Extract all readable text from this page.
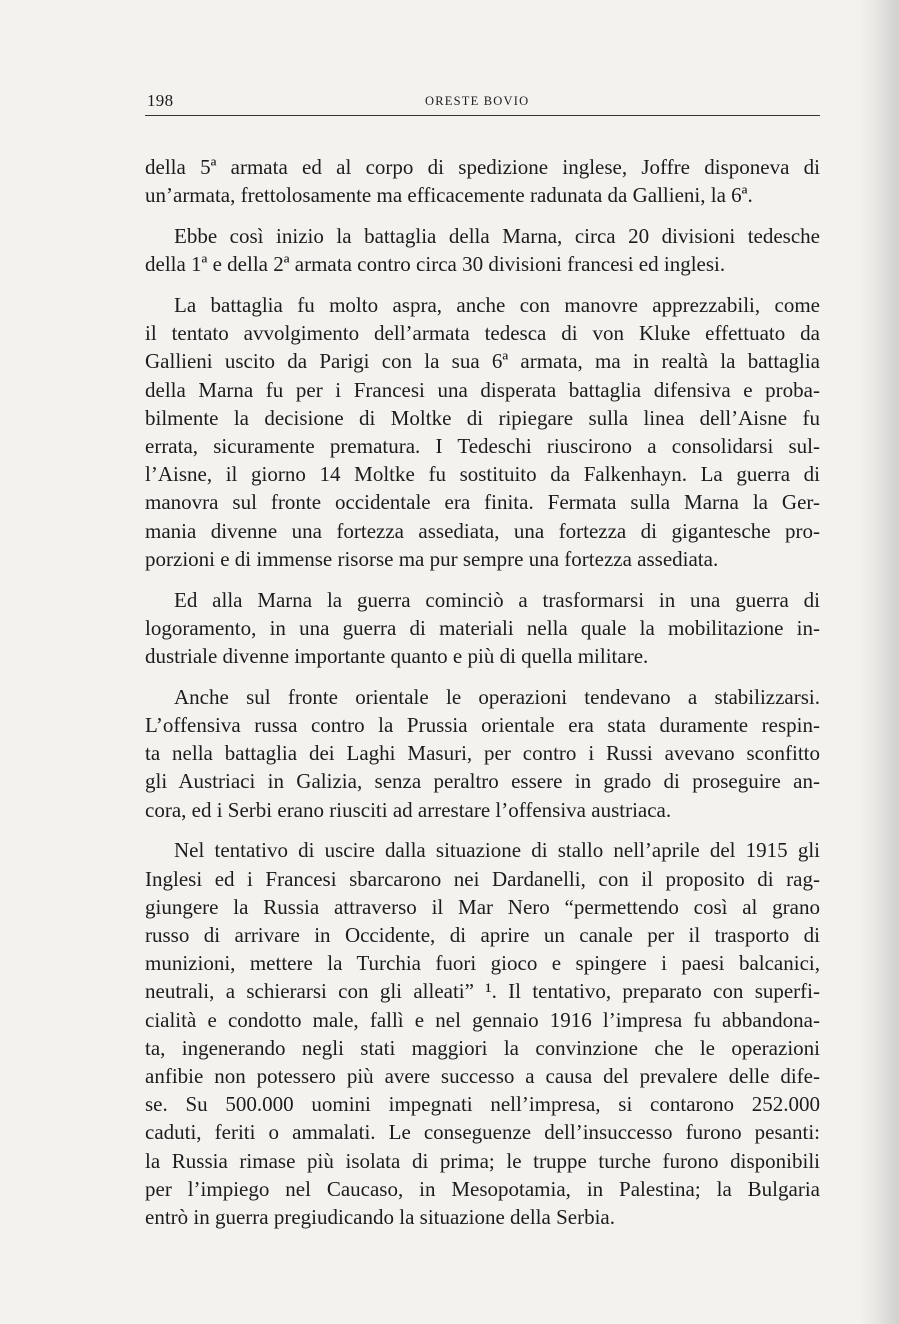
198	ORESTE BOVIO

della 5ª armata ed al corpo di spedizione inglese, Joffre disponeva di
un’armata, frettolosamente ma efficacemente radunata da Gallieni, la 6ª.

Ebbe così inizio la battaglia della Marna, circa 20 divisioni tedesche
della 1ª e della 2ª armata contro circa 30 divisioni francesi ed inglesi.

La battaglia fu molto aspra, anche con manovre apprezzabili, come
il tentato avvolgimento dell’armata tedesca di von Kluke effettuato da
Gallieni uscito da Parigi con la sua 6ª armata, ma in realtà la battaglia
della Marna fu per i Francesi una disperata battaglia difensiva e proba-
bilmente la decisione di Moltke di ripiegare sulla linea dell’Aisne fu
errata, sicuramente prematura. I Tedeschi riuscirono a consolidarsi sul-
l’Aisne, il giorno 14 Moltke fu sostituito da Falkenhayn. La guerra di
manovra sul fronte occidentale era finita. Fermata sulla Marna la Ger-
mania divenne una fortezza assediata, una fortezza di gigantesche pro-
porzioni e di immense risorse ma pur sempre una fortezza assediata.

Ed alla Marna la guerra cominciò a trasformarsi in una guerra di
logoramento, in una guerra di materiali nella quale la mobilitazione in-
dustriale divenne importante quanto e più di quella militare.

Anche sul fronte orientale le operazioni tendevano a stabilizzarsi.
L’offensiva russa contro la Prussia orientale era stata duramente respin-
ta nella battaglia dei Laghi Masuri, per contro i Russi avevano sconfitto
gli Austriaci in Galizia, senza peraltro essere in grado di proseguire an-
cora, ed i Serbi erano riusciti ad arrestare l’offensiva austriaca.

Nel tentativo di uscire dalla situazione di stallo nell’aprile del 1915 gli
Inglesi ed i Francesi sbarcarono nei Dardanelli, con il proposito di rag-
giungere la Russia attraverso il Mar Nero “permettendo così al grano
russo di arrivare in Occidente, di aprire un canale per il trasporto di
munizioni, mettere la Turchia fuori gioco e spingere i paesi balcanici,
neutrali, a schierarsi con gli alleati” ¹. Il tentativo, preparato con superfi-
cialità e condotto male, fallì e nel gennaio 1916 l’impresa fu abbandona-
ta, ingenerando negli stati maggiori la convinzione che le operazioni
anfibie non potessero più avere successo a causa del prevalere delle dife-
se. Su 500.000 uomini impegnati nell’impresa, si contarono 252.000
caduti, feriti o ammalati. Le conseguenze dell’insuccesso furono pesanti:
la Russia rimase più isolata di prima; le truppe turche furono disponibili
per l’impiego nel Caucaso, in Mesopotamia, in Palestina; la Bulgaria
entrò in guerra pregiudicando la situazione della Serbia.
